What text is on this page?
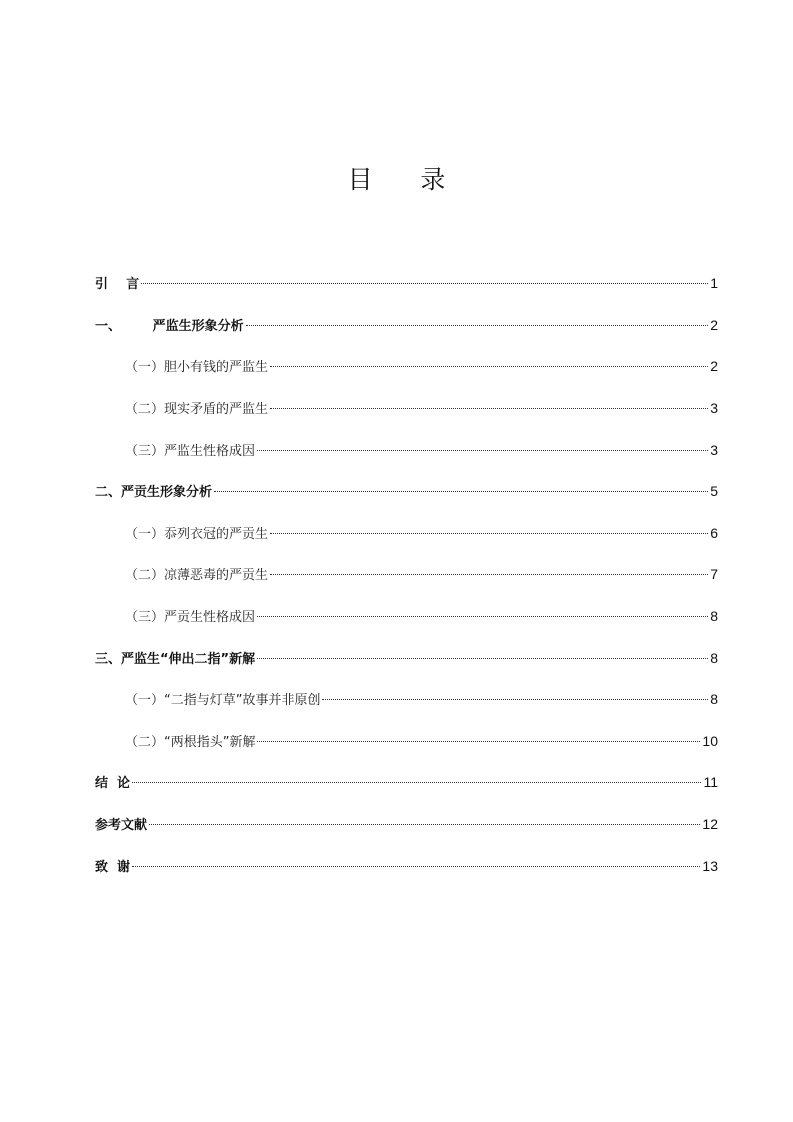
目      录
引    言	1
一、       严监生形象分析	2
（一）胆小有钱的严监生	2
（二）现实矛盾的严监生	3
（三）严监生性格成因	3
二、严贡生形象分析	5
（一）忝列衣冠的严贡生	6
（二）凉薄恶毒的严贡生	7
（三）严贡生性格成因	8
三、严监生“伸出二指”新解	8
（一）“二指与灯草”故事并非原创	8
（二）“两根指头”新解	10
结  论	11
参考文献	12
致  谢	13
